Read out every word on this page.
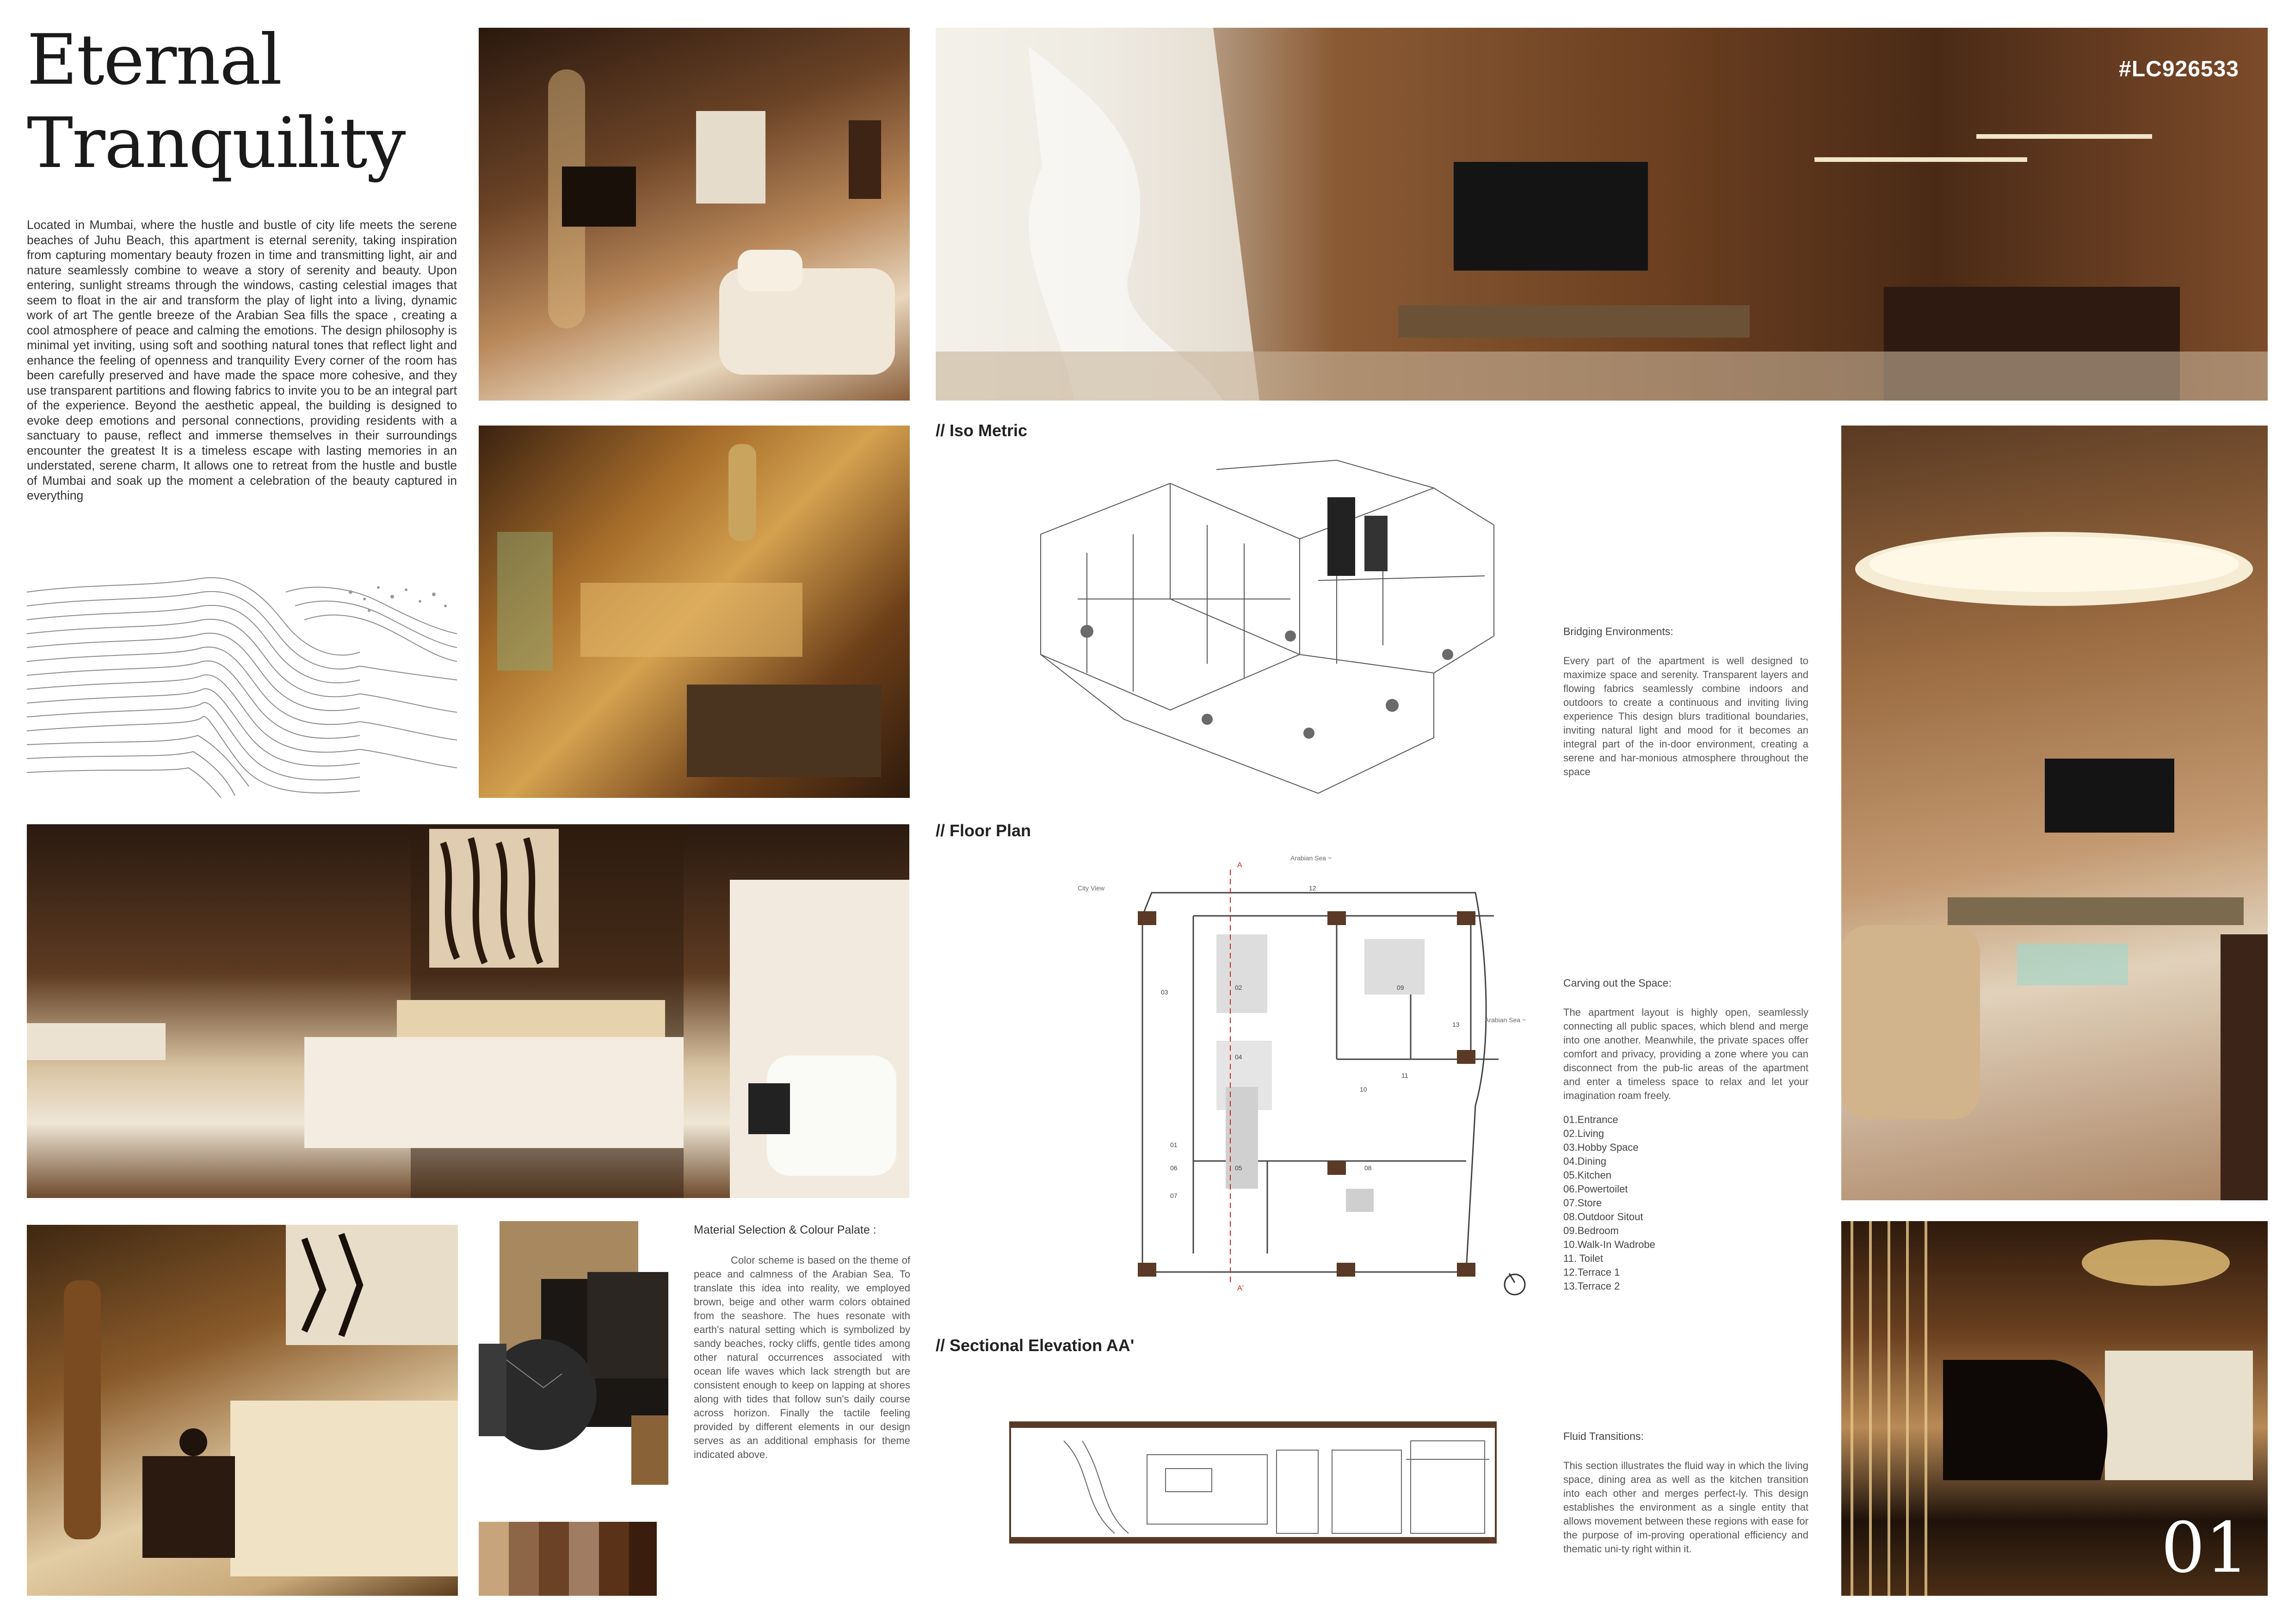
Eternal
Tranquility
Located in Mumbai, where the hustle and bustle of city life meets the serene beaches of Juhu Beach, this apartment is eternal serenity, taking inspiration from capturing momentary beauty frozen in time and transmitting light, air and nature seamlessly combine to weave a story of serenity and beauty. Upon entering, sunlight streams through the windows, casting celestial images that seem to float in the air and transform the play of light into a living, dynamic work of art The gentle breeze of the Arabian Sea fills the space , creating a cool atmosphere of peace and calming the emotions. The design philosophy is minimal yet inviting, using soft and soothing natural tones that reflect light and enhance the feeling of openness and tranquility Every corner of the room has been carefully preserved and have made the space more cohesive, and they use transparent partitions and flowing fabrics to invite you to be an integral part of the experience. Beyond the aesthetic appeal, the building is designed to evoke deep emotions and personal connections, providing residents with a sanctuary to pause, reflect and immerse themselves in their surroundings encounter the greatest It is a timeless escape with lasting memories in an understated, serene charm, It allows one to retreat from the hustle and bustle of Mumbai and soak up the moment a celebration of the beauty captured in everything
#LC926533
01
// Iso Metric
// Floor Plan
// Sectional Elevation AA'
City View
Arabian Sea ~
Arabian Sea ~
A
A'
01
02
03
04
05
06
07
08
09
10
11
12
13
Bridging Environments:
Every part of the apartment is well designed to maximize space and serenity. Transparent layers and flowing fabrics seamlessly combine indoors and outdoors to create a continuous and inviting living experience This design blurs traditional boundaries, inviting natural light and mood for it becomes an integral part of the in-door environment, creating a serene and har-monious atmosphere throughout the space
Carving out the Space:
The apartment layout is highly open, seamlessly connecting all public spaces, which blend and merge into one another. Meanwhile, the private spaces offer comfort and privacy, providing a zone where you can disconnect from the pub-lic areas of the apartment and enter a timeless space to relax and let your imagination roam freely.
01.Entrance
02.Living
03.Hobby Space
04.Dining
05.Kitchen
06.Powertoilet
07.Store
08.Outdoor Sitout
09.Bedroom
10.Walk-In Wadrobe
11. Toilet
12.Terrace 1
13.Terrace 2
Fluid Transitions:
This section illustrates the fluid way in which the living space, dining area as well as the kitchen transition into each other and merges perfect-ly. This design establishes the environment as a single entity that allows movement between these regions with ease for the purpose of im-proving operational efficiency and thematic uni-ty right within it.
Material Selection & Colour Palate :
Color scheme is based on the theme of peace and calmness of the Arabian Sea. To translate this idea into reality, we employed brown, beige and other warm colors obtained from the seashore. The hues resonate with earth's natural setting which is symbolized by sandy beaches, rocky cliffs, gentle tides among other natural occurrences associated with ocean life waves which lack strength but are consistent enough to keep on lapping at shores along with tides that follow sun's daily course across horizon. Finally the tactile feeling provided by different elements in our design serves as an additional emphasis for theme indicated above.
